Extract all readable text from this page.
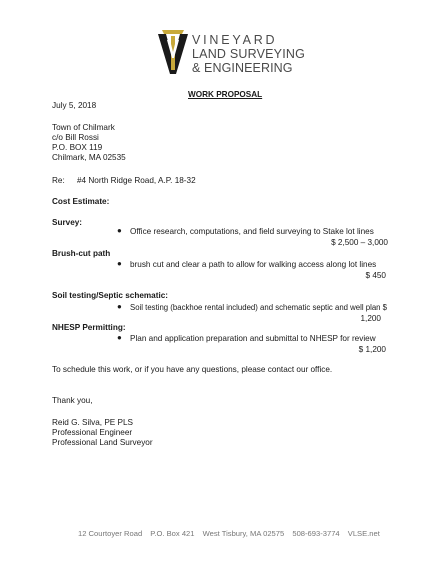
VINEYARD
LAND SURVEYING
& ENGINEERING
WORK PROPOSAL
July 5, 2018
Town of Chilmark
c/o Bill Rossi
P.O. BOX 119
Chilmark, MA 02535
Re: #4 North Ridge Road, A.P. 18-32
Cost Estimate:
Survey:
● Office research, computations, and field surveying to Stake lot lines
$ 2,500 – 3,000
Brush-cut path
● brush cut and clear a path to allow for walking access along lot lines
$ 450
Soil testing/Septic schematic:
● Soil testing (backhoe rental included) and schematic septic and well plan $
1,200
NHESP Permitting:
● Plan and application preparation and submittal to NHESP for review
$ 1,200
To schedule this work, or if you have any questions, please contact our office.
Thank you,
Reid G. Silva, PE PLS
Professional Engineer
Professional Land Surveyor
12 Courtoyer Road P.O. Box 421 West Tisbury, MA 02575 508-693-3774 VLSE.net
